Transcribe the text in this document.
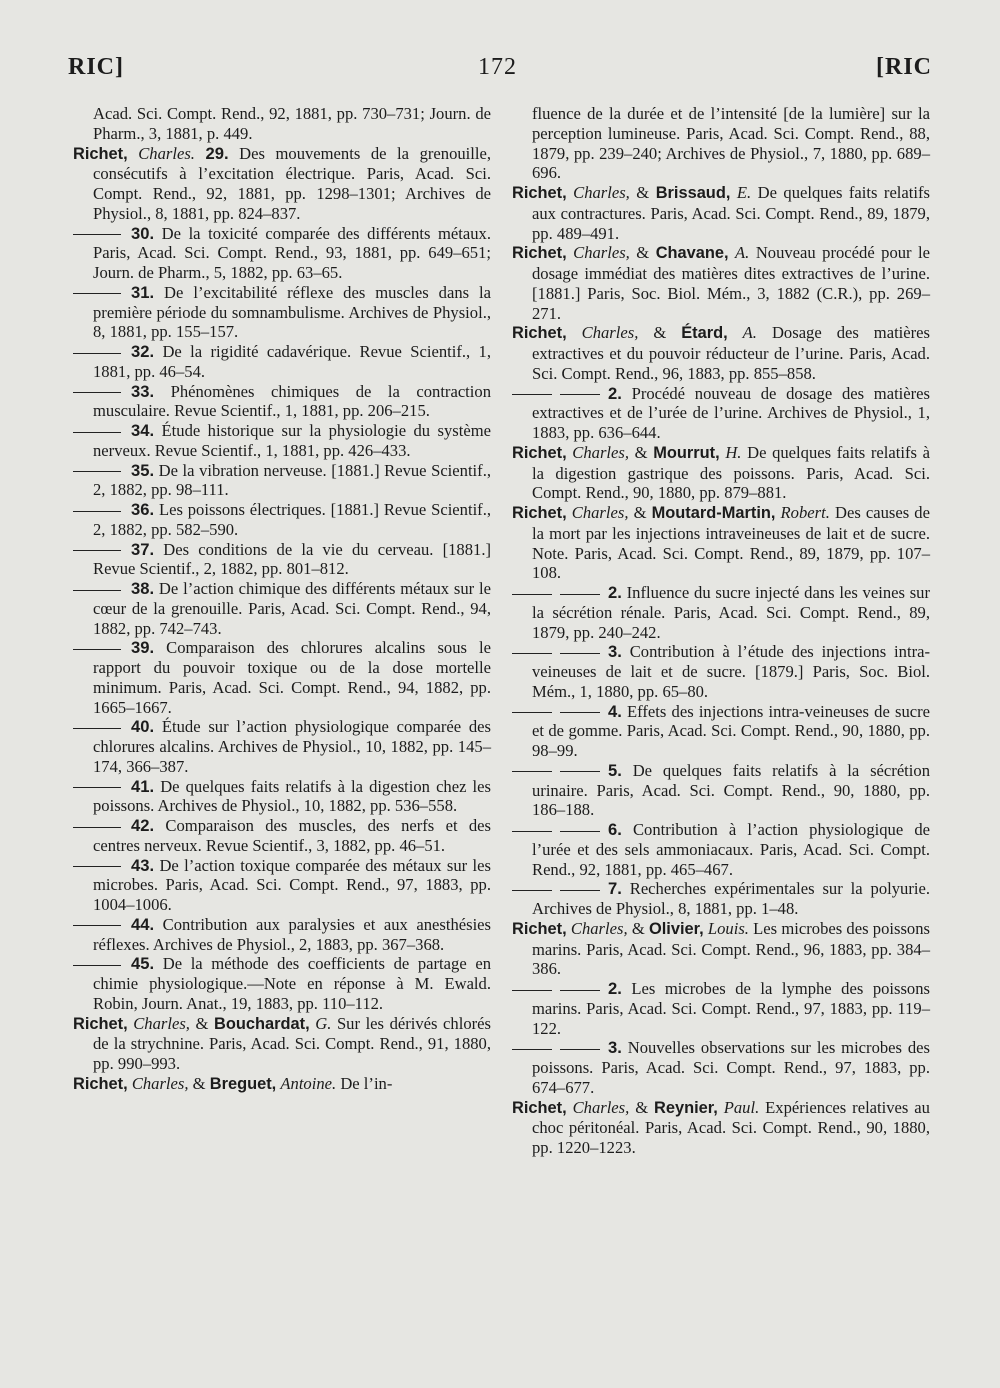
RIC]	172	[RIC

Acad. Sci. Compt. Rend., 92, 1881, pp. 730–731; Journ. de Pharm., 3, 1881, p. 449.

Richet, Charles. 29. Des mouvements de la grenouille, consécutifs à l’excitation électrique. Paris, Acad. Sci. Compt. Rend., 92, 1881, pp. 1298–1301; Archives de Physiol., 8, 1881, pp. 824–837.

30. De la toxicité comparée des différents métaux. Paris, Acad. Sci. Compt. Rend., 93, 1881, pp. 649–651; Journ. de Pharm., 5, 1882, pp. 63–65.

31. De l’excitabilité réflexe des muscles dans la première période du somnambulisme. Archives de Physiol., 8, 1881, pp. 155–157.

32. De la rigidité cadavérique. Revue Scientif., 1, 1881, pp. 46–54.

33. Phénomènes chimiques de la contraction musculaire. Revue Scientif., 1, 1881, pp. 206–215.

34. Étude historique sur la physiologie du système nerveux. Revue Scientif., 1, 1881, pp. 426–433.

35. De la vibration nerveuse. [1881.] Revue Scientif., 2, 1882, pp. 98–111.

36. Les poissons électriques. [1881.] Revue Scientif., 2, 1882, pp. 582–590.

37. Des conditions de la vie du cerveau. [1881.] Revue Scientif., 2, 1882, pp. 801–812.

38. De l’action chimique des différents métaux sur le cœur de la grenouille. Paris, Acad. Sci. Compt. Rend., 94, 1882, pp. 742–743.

39. Comparaison des chlorures alcalins sous le rapport du pouvoir toxique ou de la dose mortelle minimum. Paris, Acad. Sci. Compt. Rend., 94, 1882, pp. 1665–1667.

40. Étude sur l’action physiologique comparée des chlorures alcalins. Archives de Physiol., 10, 1882, pp. 145–174, 366–387.

41. De quelques faits relatifs à la digestion chez les poissons. Archives de Physiol., 10, 1882, pp. 536–558.

42. Comparaison des muscles, des nerfs et des centres nerveux. Revue Scientif., 3, 1882, pp. 46–51.

43. De l’action toxique comparée des métaux sur les microbes. Paris, Acad. Sci. Compt. Rend., 97, 1883, pp. 1004–1006.

44. Contribution aux paralysies et aux anesthésies réflexes. Archives de Physiol., 2, 1883, pp. 367–368.

45. De la méthode des coefficients de partage en chimie physiologique.—Note en réponse à M. Ewald. Robin, Journ. Anat., 19, 1883, pp. 110–112.

Richet, Charles, & Bouchardat, G. Sur les dérivés chlorés de la strychnine. Paris, Acad. Sci. Compt. Rend., 91, 1880, pp. 990–993.

Richet, Charles, & Breguet, Antoine. De l’in-

fluence de la durée et de l’intensité [de la lumière] sur la perception lumineuse. Paris, Acad. Sci. Compt. Rend., 88, 1879, pp. 239–240; Archives de Physiol., 7, 1880, pp. 689–696.

Richet, Charles, & Brissaud, E. De quelques faits relatifs aux contractures. Paris, Acad. Sci. Compt. Rend., 89, 1879, pp. 489–491.

Richet, Charles, & Chavane, A. Nouveau procédé pour le dosage immédiat des matières dites extractives de l’urine. [1881.] Paris, Soc. Biol. Mém., 3, 1882 (C.R.), pp. 269–271.

Richet, Charles, & Étard, A. Dosage des matières extractives et du pouvoir réducteur de l’urine. Paris, Acad. Sci. Compt. Rend., 96, 1883, pp. 855–858.

2. Procédé nouveau de dosage des matières extractives et de l’urée de l’urine. Archives de Physiol., 1, 1883, pp. 636–644.

Richet, Charles, & Mourrut, H. De quelques faits relatifs à la digestion gastrique des poissons. Paris, Acad. Sci. Compt. Rend., 90, 1880, pp. 879–881.

Richet, Charles, & Moutard-Martin, Robert. Des causes de la mort par les injections intraveineuses de lait et de sucre. Note. Paris, Acad. Sci. Compt. Rend., 89, 1879, pp. 107–108.

2. Influence du sucre injecté dans les veines sur la sécrétion rénale. Paris, Acad. Sci. Compt. Rend., 89, 1879, pp. 240–242.

3. Contribution à l’étude des injections intra-veineuses de lait et de sucre. [1879.] Paris, Soc. Biol. Mém., 1, 1880, pp. 65–80.

4. Effets des injections intra-veineuses de sucre et de gomme. Paris, Acad. Sci. Compt. Rend., 90, 1880, pp. 98–99.

5. De quelques faits relatifs à la sécrétion urinaire. Paris, Acad. Sci. Compt. Rend., 90, 1880, pp. 186–188.

6. Contribution à l’action physiologique de l’urée et des sels ammoniacaux. Paris, Acad. Sci. Compt. Rend., 92, 1881, pp. 465–467.

7. Recherches expérimentales sur la polyurie. Archives de Physiol., 8, 1881, pp. 1–48.

Richet, Charles, & Olivier, Louis. Les microbes des poissons marins. Paris, Acad. Sci. Compt. Rend., 96, 1883, pp. 384–386.

2. Les microbes de la lymphe des poissons marins. Paris, Acad. Sci. Compt. Rend., 97, 1883, pp. 119–122.

3. Nouvelles observations sur les microbes des poissons. Paris, Acad. Sci. Compt. Rend., 97, 1883, pp. 674–677.

Richet, Charles, & Reynier, Paul. Expériences relatives au choc péritonéal. Paris, Acad. Sci. Compt. Rend., 90, 1880, pp. 1220–1223.
